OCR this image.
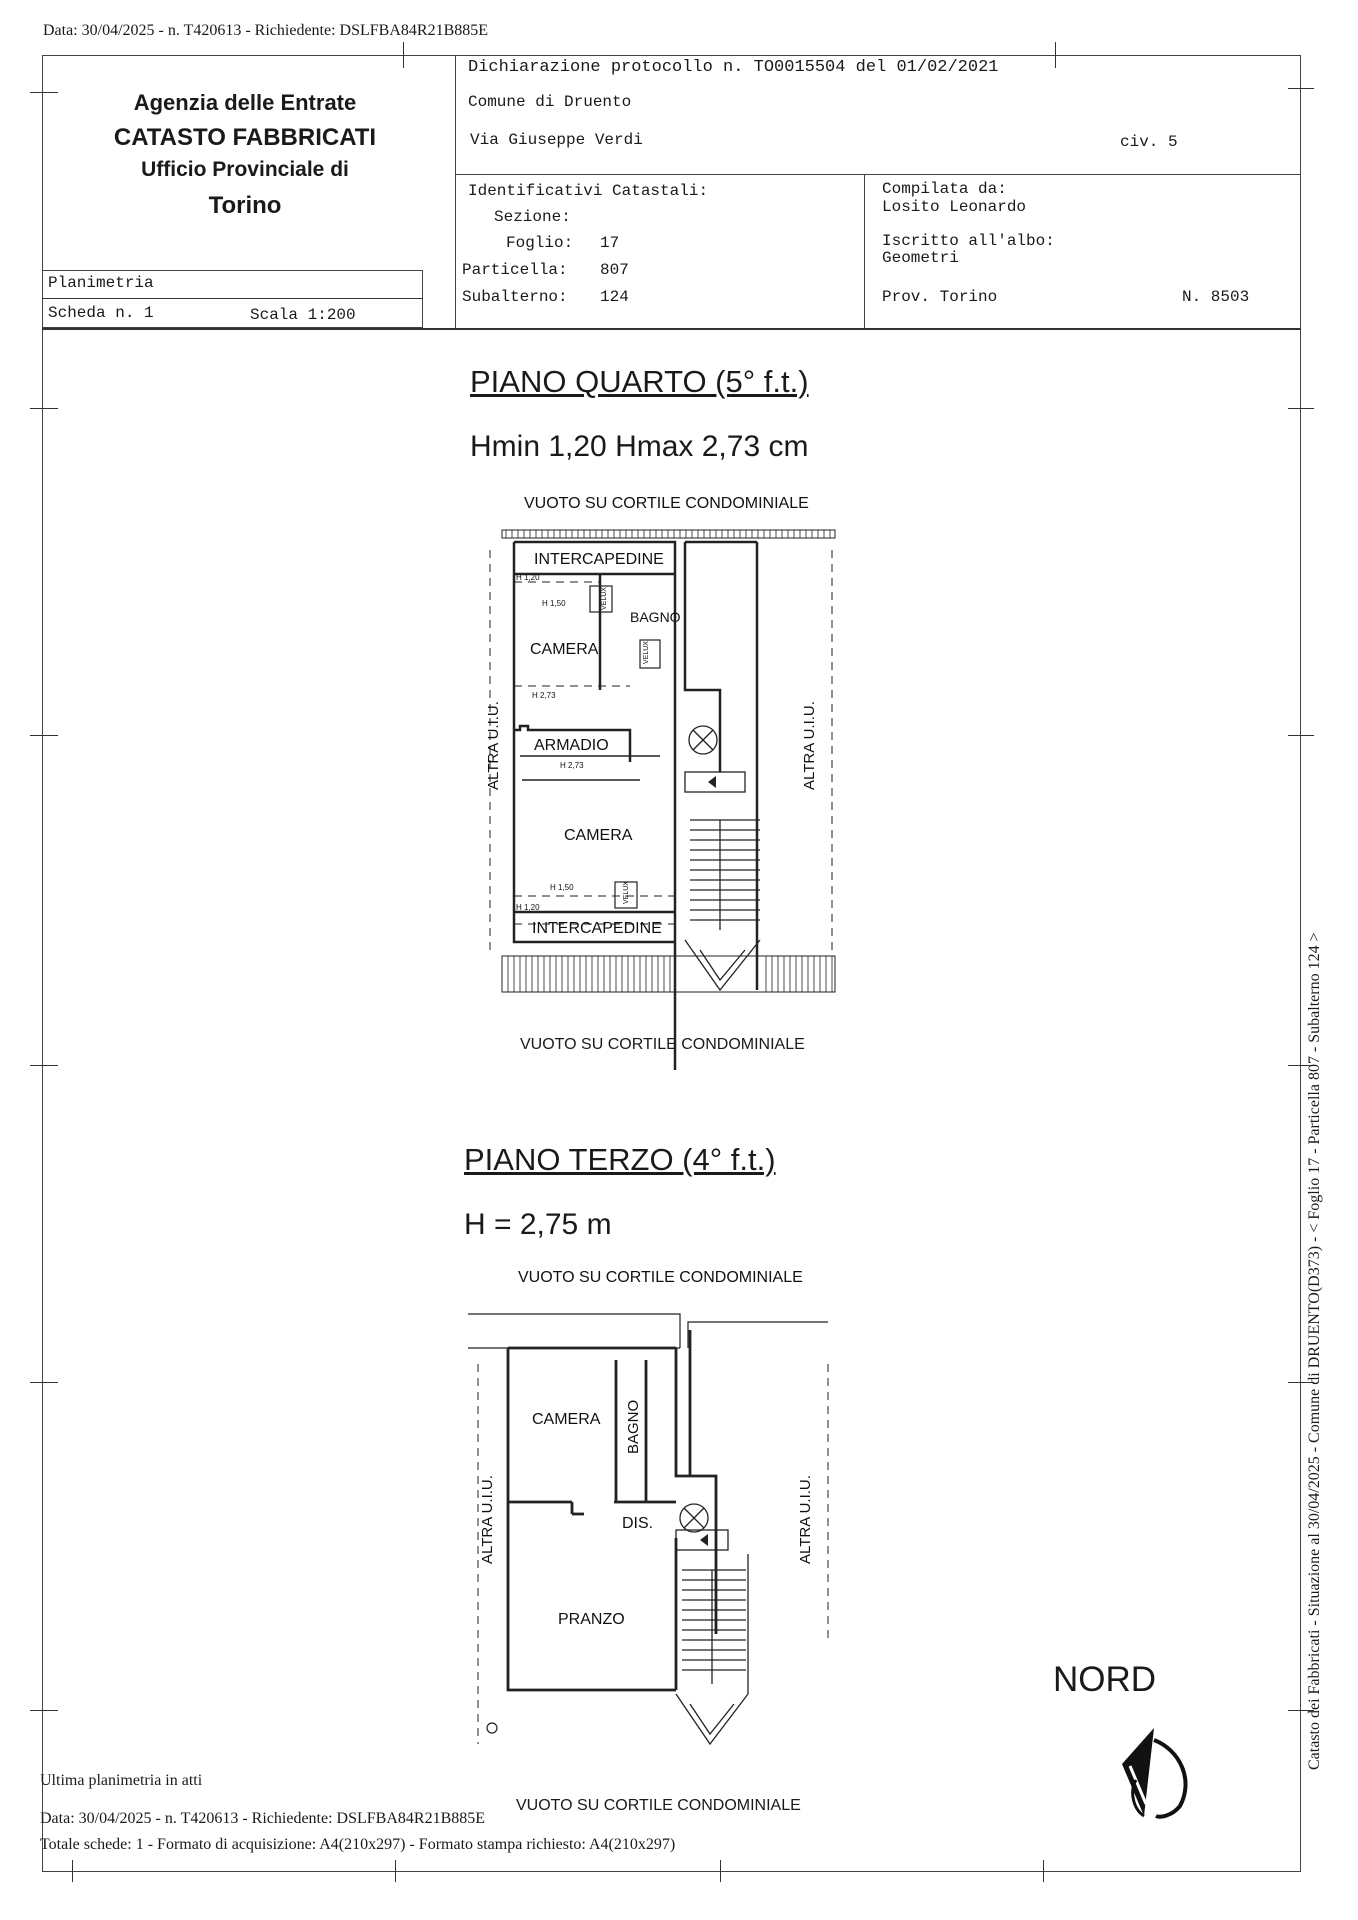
Data: 30/04/2025 - n. T420613 - Richiedente: DSLFBA84R21B885E
Agenzia delle Entrate
CATASTO FABBRICATI
Ufficio Provinciale di
Torino
Planimetria
Scheda n. 1	Scala 1:200
Dichiarazione protocollo n. TO0015504 del 01/02/2021
Comune di Druento
Via Giuseppe Verdi	civ. 5
Identificativi Catastali:
Sezione:
Foglio: 17
Particella: 807
Subalterno: 124
Compilata da:
Losito Leonardo
Iscritto all'albo:
Geometri
Prov. Torino	N. 8503
PIANO QUARTO (5° f.t.)
Hmin 1,20 Hmax 2,73 cm
VUOTO SU CORTILE CONDOMINIALE
INTERCAPEDINE
H 1,20
H 1,50	VELUX
BAGNO
CAMERA	VELUX
H 2,73
ARMADIO
H 2,73
CAMERA
H 1,50	VELUX
H 1,20
INTERCAPEDINE
ALTRA U.I.U.	ALTRA U.I.U.
VUOTO SU CORTILE CONDOMINIALE
PIANO TERZO (4° f.t.)
H = 2,75 m
VUOTO SU CORTILE CONDOMINIALE
CAMERA BAGNO
DIS.
PRANZO
ALTRA U.I.U.	ALTRA U.I.U.
VUOTO SU CORTILE CONDOMINIALE
NORD	Catasto dei Fabbricati - Situazione al 30/04/2025 - Comune di DRUENTO(D373) - < Foglio 17 - Particella 807 - Subalterno 124 >
Ultima planimetria in atti
Data: 30/04/2025 - n. T420613 - Richiedente: DSLFBA84R21B885E
Totale schede: 1 - Formato di acquisizione: A4(210x297) - Formato stampa richiesto: A4(210x297)
